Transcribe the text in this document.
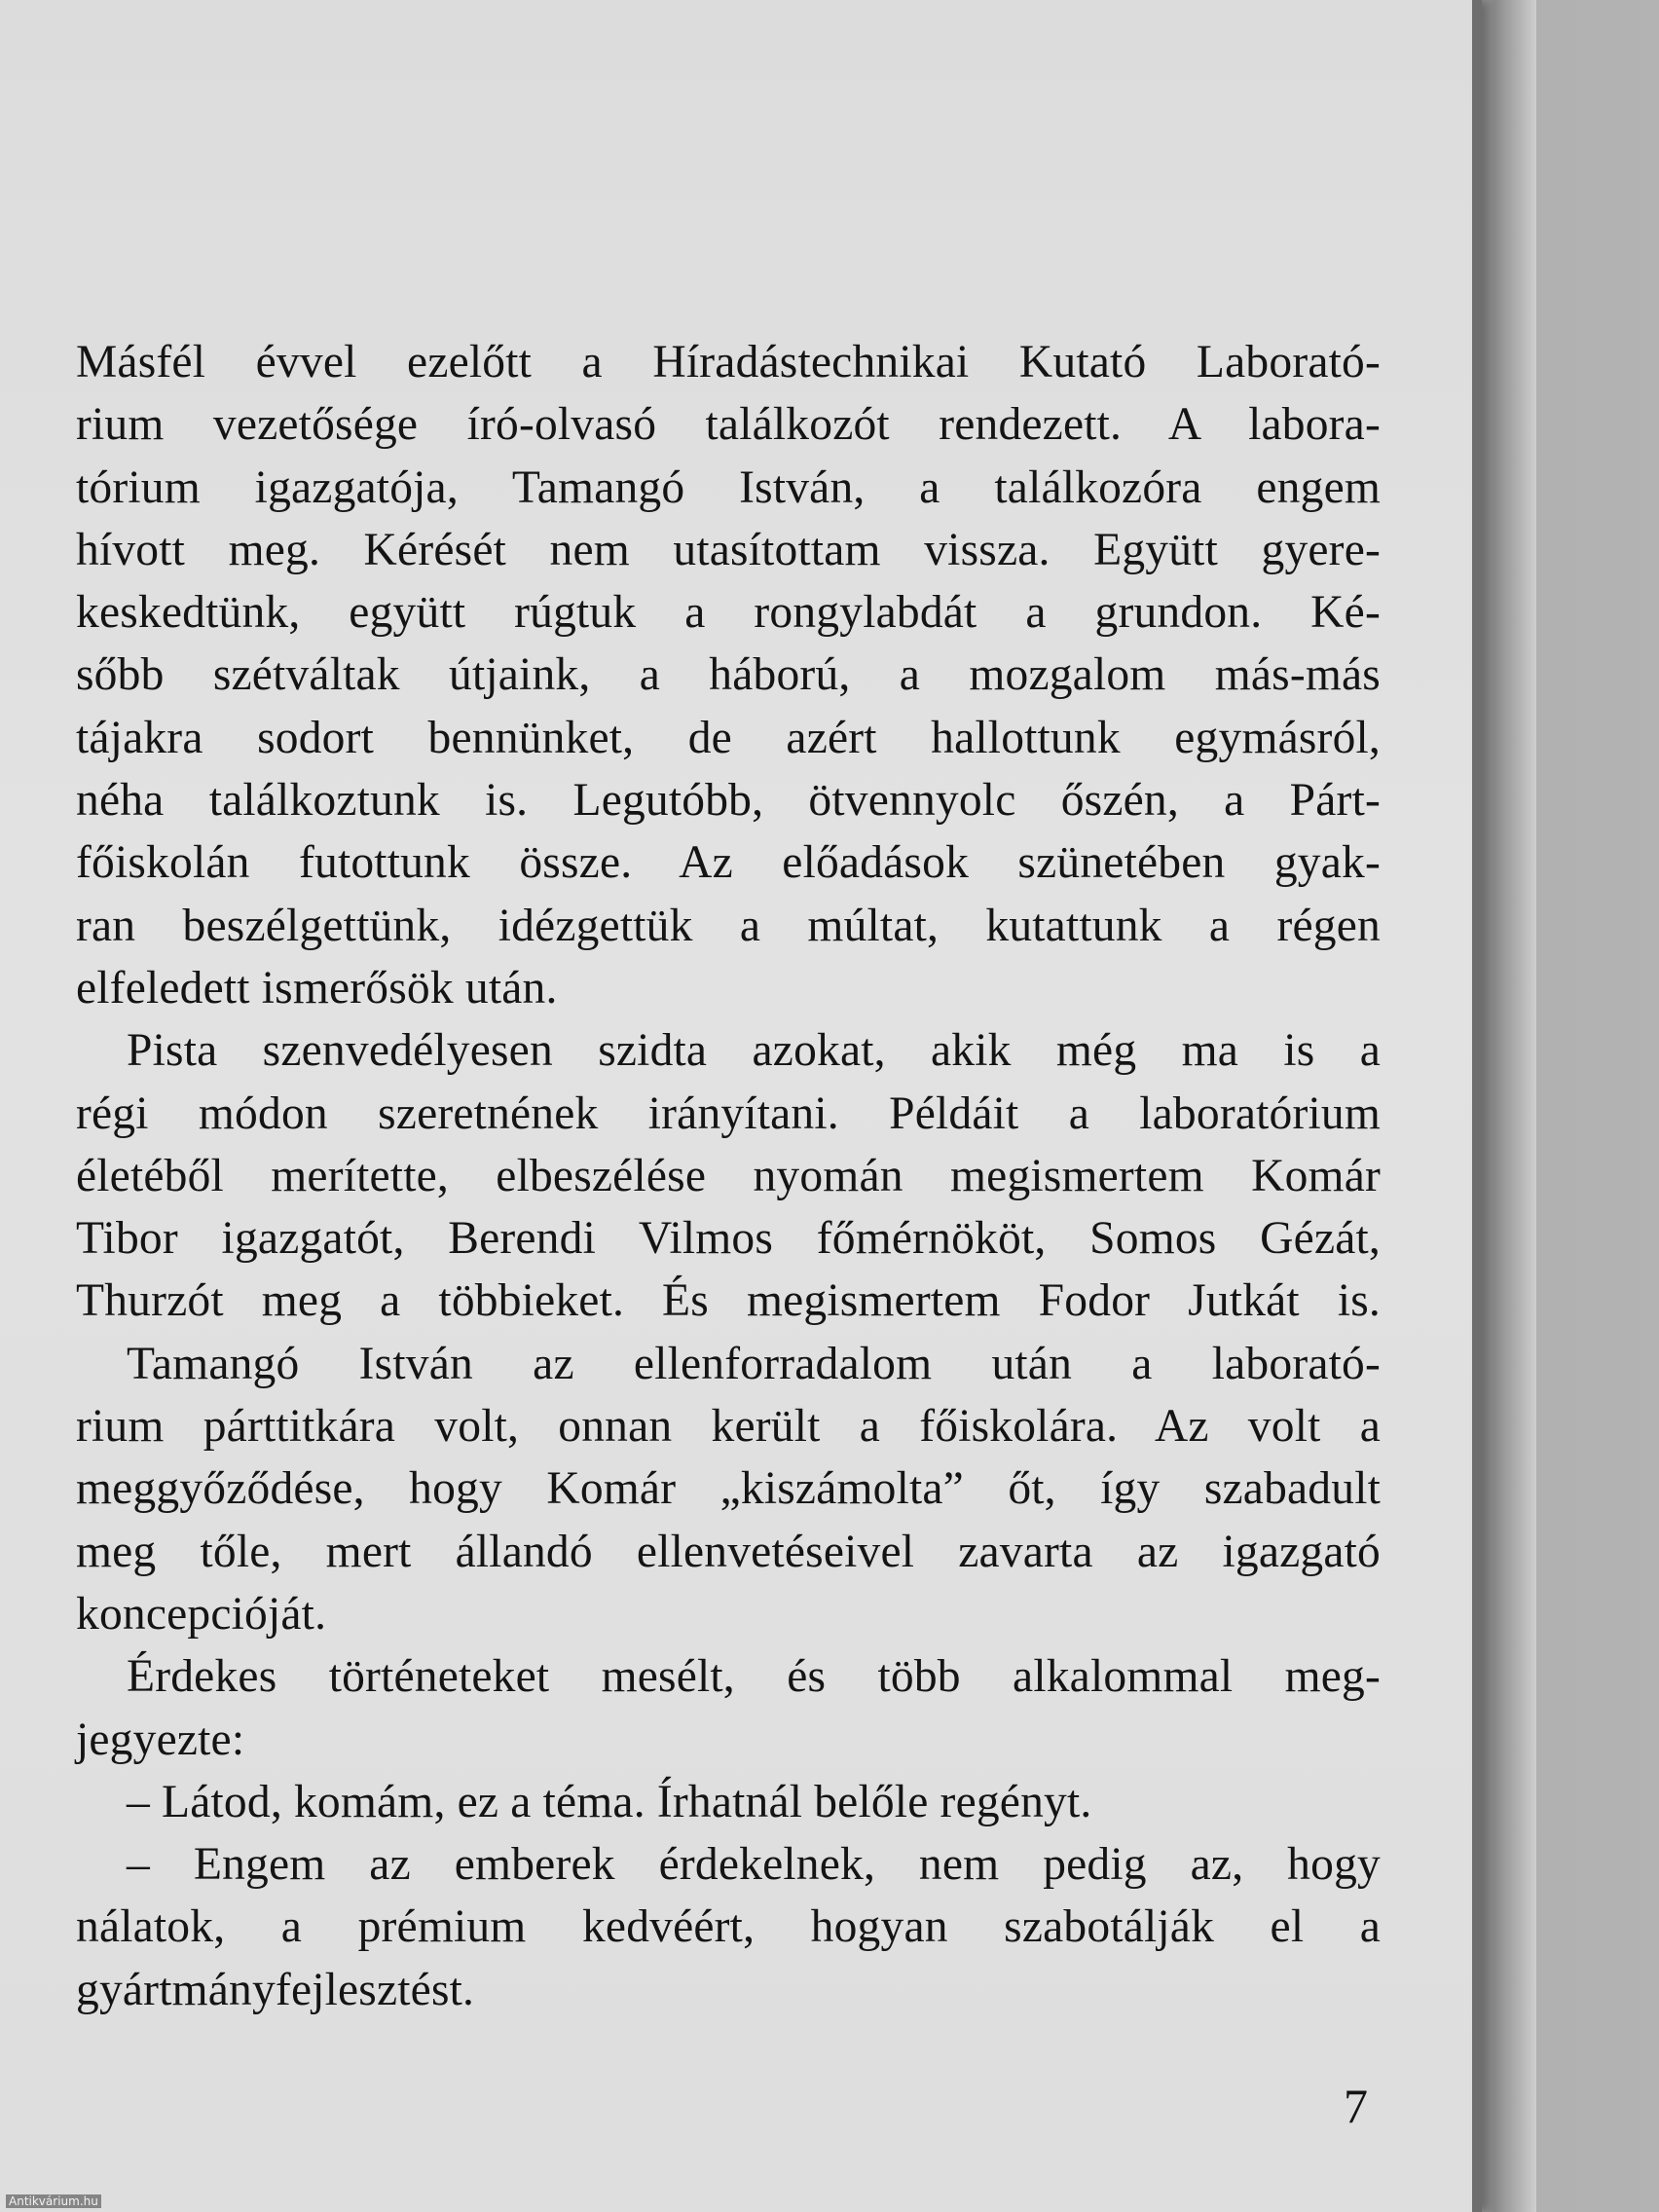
Másfél évvel ezelőtt a Híradástechnikai Kutató Laborató-
rium vezetősége író-olvasó találkozót rendezett. A labora-
tórium igazgatója, Tamangó István, a találkozóra engem
hívott meg. Kérését nem utasítottam vissza. Együtt gyere-
keskedtünk, együtt rúgtuk a rongylabdát a grundon. Ké-
sőbb szétváltak útjaink, a háború, a mozgalom más-más
tájakra sodort bennünket, de azért hallottunk egymásról,
néha találkoztunk is. Legutóbb, ötvennyolc őszén, a Párt-
főiskolán futottunk össze. Az előadások szünetében gyak-
ran beszélgettünk, idézgettük a múltat, kutattunk a régen
elfeledett ismerősök után.
Pista szenvedélyesen szidta azokat, akik még ma is a
régi módon szeretnének irányítani. Példáit a laboratórium
életéből merítette, elbeszélése nyomán megismertem Komár
Tibor igazgatót, Berendi Vilmos főmérnököt, Somos Gézát,
Thurzót meg a többieket. És megismertem Fodor Jutkát is.
Tamangó István az ellenforradalom után a laborató-
rium párttitkára volt, onnan került a főiskolára. Az volt a
meggyőződése, hogy Komár „kiszámolta” őt, így szabadult
meg tőle, mert állandó ellenvetéseivel zavarta az igazgató
koncepcióját.
Érdekes történeteket mesélt, és több alkalommal meg-
jegyezte:
– Látod, komám, ez a téma. Írhatnál belőle regényt.
– Engem az emberek érdekelnek, nem pedig az, hogy
nálatok, a prémium kedvéért, hogyan szabotálják el a
gyártmányfejlesztést.
7
Antikvárium.hu
